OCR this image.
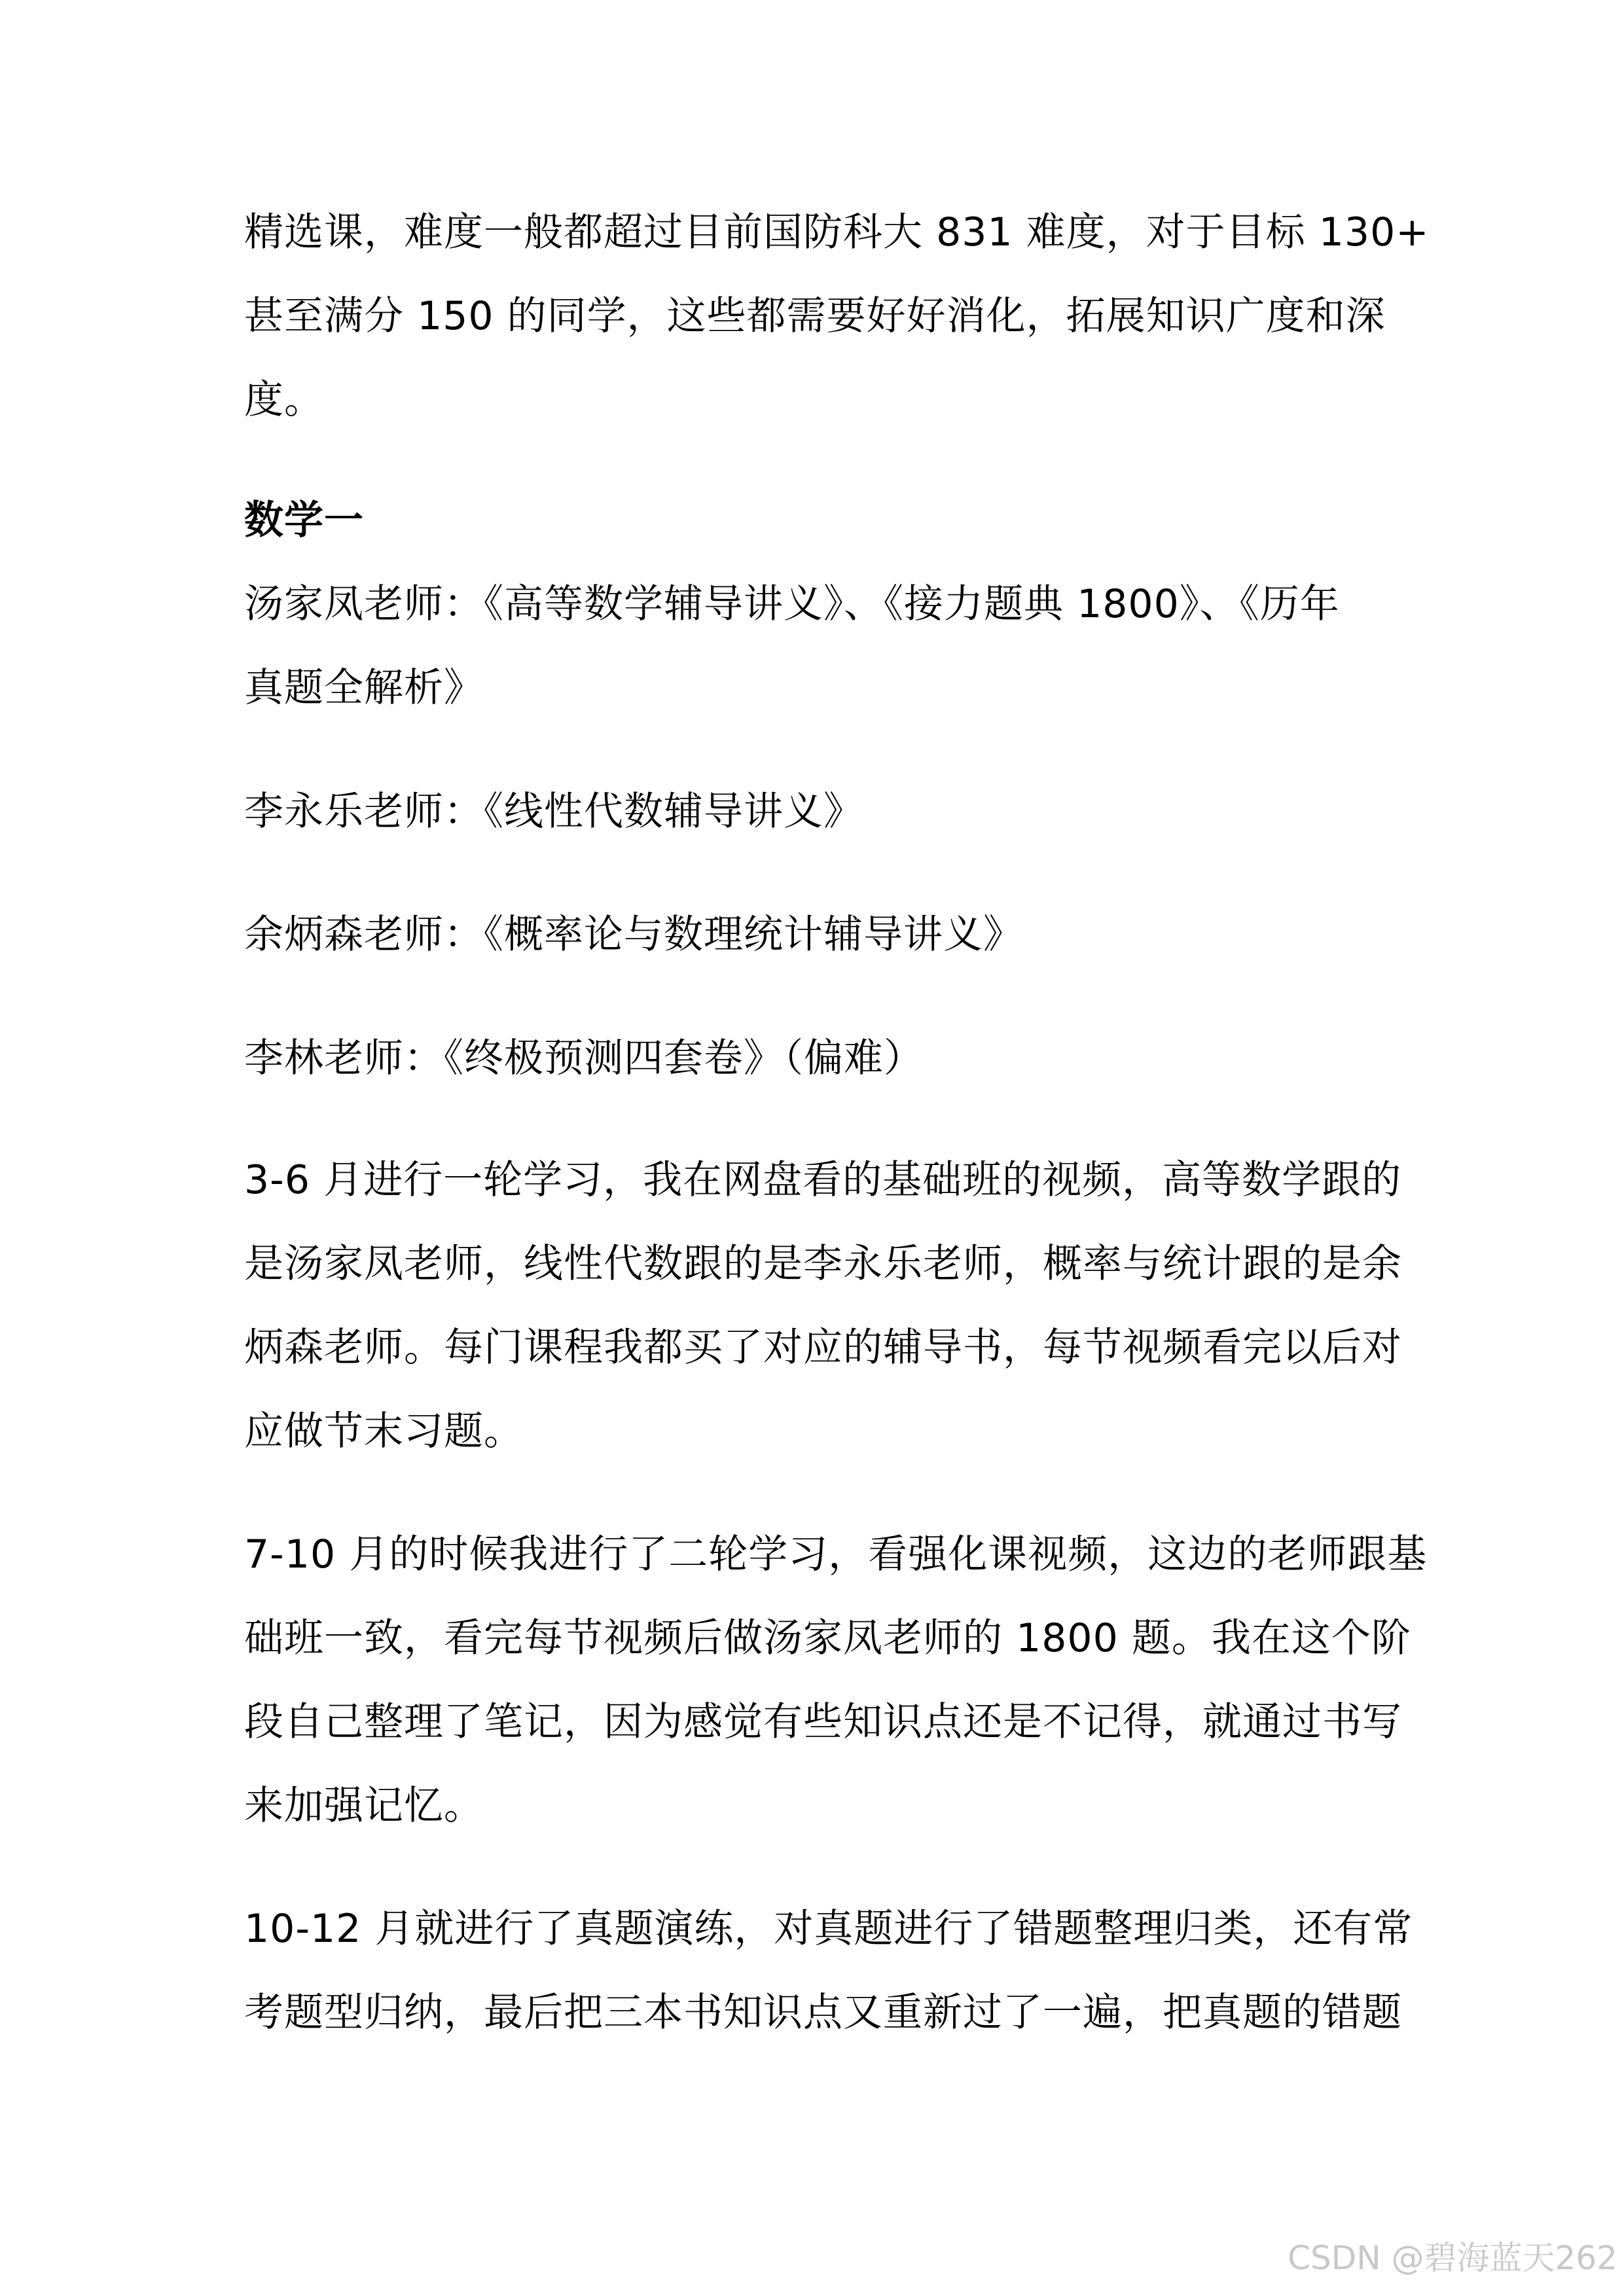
精选课，难度一般都超过目前国防科大 831 难度，对于目标 130+
甚至满分 150 的同学，这些都需要好好消化，拓展知识广度和深
度。
数学一
汤家凤老师：《高等数学辅导讲义》、《接力题典 1800》、《历年
真题全解析》
李永乐老师：《线性代数辅导讲义》
余炳森老师：《概率论与数理统计辅导讲义》
李林老师：《终极预测四套卷》（偏难）
3-6 月进行一轮学习，我在网盘看的基础班的视频，高等数学跟的
是汤家凤老师，线性代数跟的是李永乐老师，概率与统计跟的是余
炳森老师。每门课程我都买了对应的辅导书，每节视频看完以后对
应做节末习题。
7-10 月的时候我进行了二轮学习，看强化课视频，这边的老师跟基
础班一致，看完每节视频后做汤家凤老师的 1800 题。我在这个阶
段自己整理了笔记，因为感觉有些知识点还是不记得，就通过书写
来加强记忆。
10-12 月就进行了真题演练，对真题进行了错题整理归类，还有常
考题型归纳，最后把三本书知识点又重新过了一遍，把真题的错题
CSDN @碧海蓝天262
